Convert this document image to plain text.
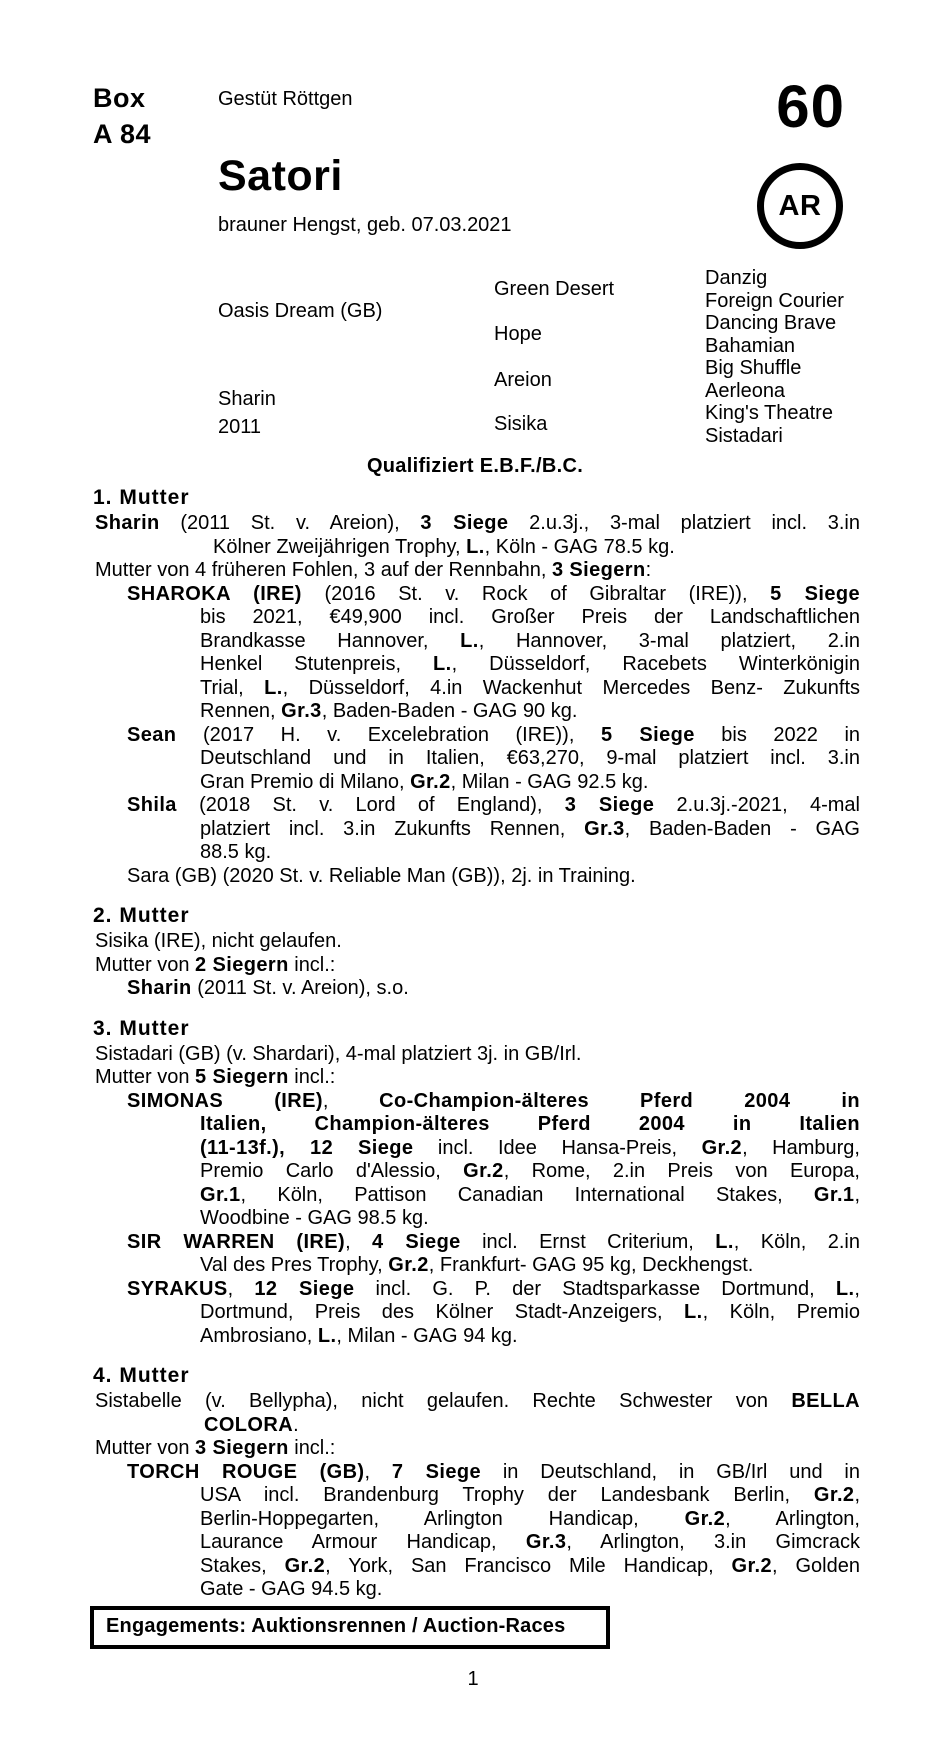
Box
A 84
Gestüt Röttgen	60
Satori
brauner Hengst, geb. 07.03.2021
AR
Oasis Dream (GB)
Sharin
2011
Green Desert
Hope
Areion
Sisika
Danzig
Foreign Courier
Dancing Brave
Bahamian
Big Shuffle
Aerleona
King's Theatre
Sistadari
Qualifiziert E.B.F./B.C.
1. Mutter
Sharin (2011 St. v. Areion), 3 Siege 2.u.3j., 3-mal platziert incl. 3.in
Kölner Zweijährigen Trophy, L., Köln - GAG 78.5 kg.
Mutter von 4 früheren Fohlen, 3 auf der Rennbahn, 3 Siegern:
SHAROKA (IRE) (2016 St. v. Rock of Gibraltar (IRE)), 5 Siege
bis 2021, €49,900 incl. Großer Preis der Landschaftlichen
Brandkasse Hannover, L., Hannover, 3-mal platziert, 2.in
Henkel Stutenpreis, L., Düsseldorf, Racebets Winterkönigin
Trial, L., Düsseldorf, 4.in Wackenhut Mercedes Benz- Zukunfts
Rennen, Gr.3, Baden-Baden - GAG 90 kg.
Sean (2017 H. v. Excelebration (IRE)), 5 Siege bis 2022 in
Deutschland und in Italien, €63,270, 9-mal platziert incl. 3.in
Gran Premio di Milano, Gr.2, Milan - GAG 92.5 kg.
Shila (2018 St. v. Lord of England), 3 Siege 2.u.3j.-2021, 4-mal
platziert incl. 3.in Zukunfts Rennen, Gr.3, Baden-Baden - GAG
88.5 kg.
Sara (GB) (2020 St. v. Reliable Man (GB)), 2j. in Training.
2. Mutter
Sisika (IRE), nicht gelaufen.
Mutter von 2 Siegern incl.:
Sharin (2011 St. v. Areion), s.o.
3. Mutter
Sistadari (GB) (v. Shardari), 4-mal platziert 3j. in GB/Irl.
Mutter von 5 Siegern incl.:
SIMONAS (IRE), Co-Champion-älteres Pferd 2004 in
Italien, Champion-älteres Pferd 2004 in Italien
(11-13f.), 12 Siege incl. Idee Hansa-Preis, Gr.2, Hamburg,
Premio Carlo d'Alessio, Gr.2, Rome, 2.in Preis von Europa,
Gr.1, Köln, Pattison Canadian International Stakes, Gr.1,
Woodbine - GAG 98.5 kg.
SIR WARREN (IRE), 4 Siege incl. Ernst Criterium, L., Köln, 2.in
Val des Pres Trophy, Gr.2, Frankfurt- GAG 95 kg, Deckhengst.
SYRAKUS, 12 Siege incl. G. P. der Stadtsparkasse Dortmund, L.,
Dortmund, Preis des Kölner Stadt-Anzeigers, L., Köln, Premio
Ambrosiano, L., Milan - GAG 94 kg.
4. Mutter
Sistabelle (v. Bellypha), nicht gelaufen. Rechte Schwester von BELLA
COLORA.
Mutter von 3 Siegern incl.:
TORCH ROUGE (GB), 7 Siege in Deutschland, in GB/Irl und in
USA incl. Brandenburg Trophy der Landesbank Berlin, Gr.2,
Berlin-Hoppegarten, Arlington Handicap, Gr.2, Arlington,
Laurance Armour Handicap, Gr.3, Arlington, 3.in Gimcrack
Stakes, Gr.2, York, San Francisco Mile Handicap, Gr.2, Golden
Gate - GAG 94.5 kg.
Engagements: Auktionsrennen / Auction-Races
1
